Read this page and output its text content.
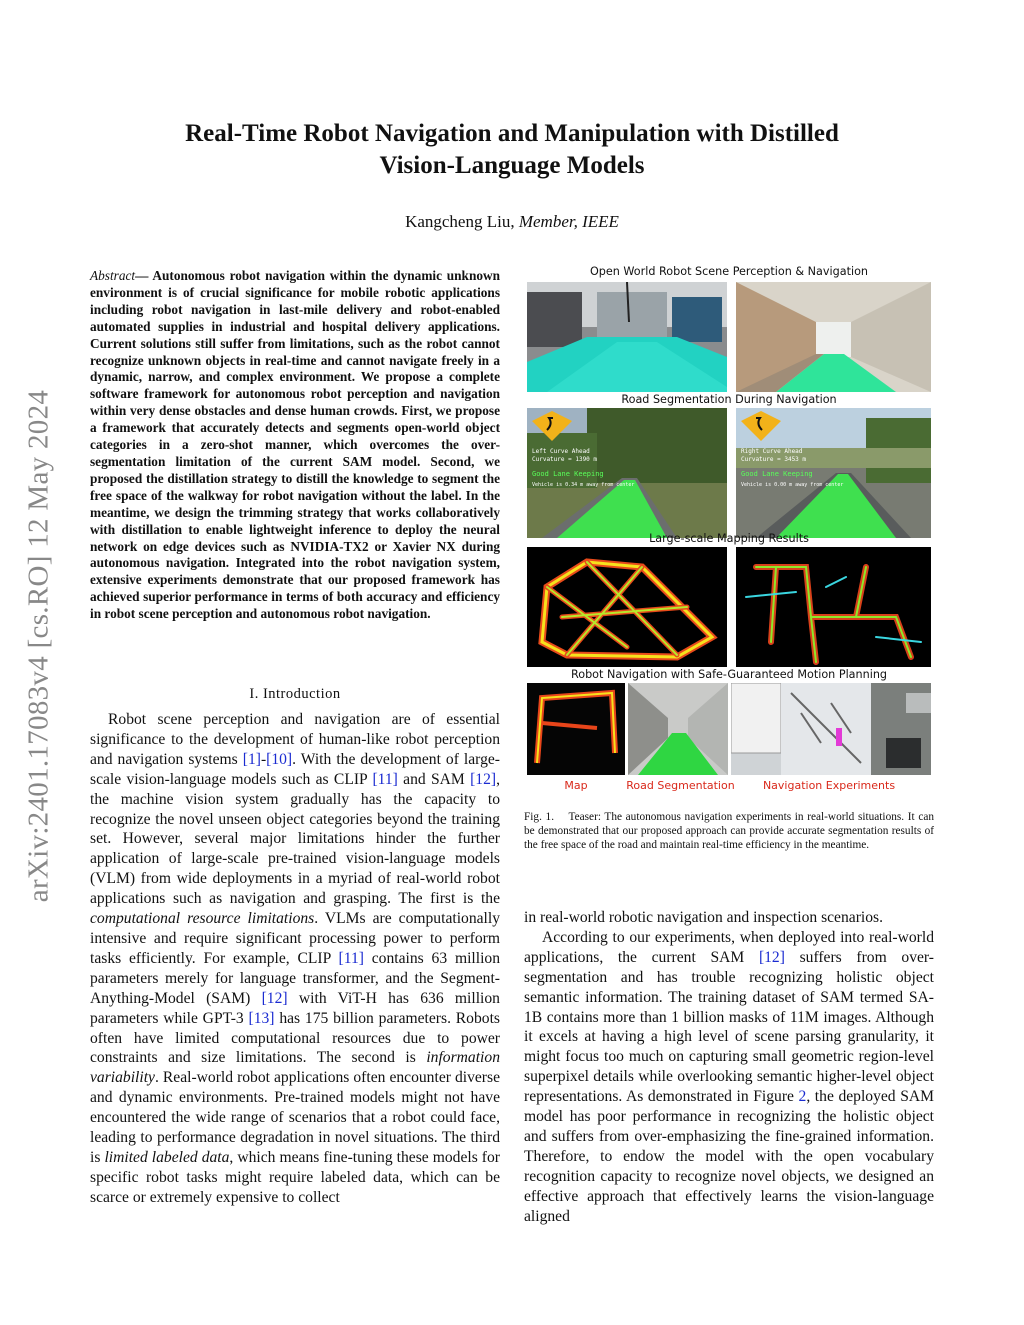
arXiv:2401.17083v4 [cs.RO] 12 May 2024
Real-Time Robot Navigation and Manipulation with Distilled
Vision-Language Models
Kangcheng Liu, Member, IEEE
Abstract— Autonomous robot navigation within the dynamic unknown environment is of crucial significance for mobile robotic applications including robot navigation in last-mile delivery and robot-enabled automated supplies in industrial and hospital delivery applications. Current solutions still suffer from limitations, such as the robot cannot recognize unknown objects in real-time and cannot navigate freely in a dynamic, narrow, and complex environment. We propose a complete software framework for autonomous robot perception and navigation within very dense obstacles and dense human crowds. First, we propose a framework that accurately detects and segments open-world object categories in a zero-shot manner, which overcomes the over-segmentation limitation of the current SAM model. Second, we proposed the distillation strategy to distill the knowledge to segment the free space of the walkway for robot navigation without the label. In the meantime, we design the trimming strategy that works collaboratively with distillation to enable lightweight inference to deploy the neural network on edge devices such as NVIDIA-TX2 or Xavier NX during autonomous navigation. Integrated into the robot navigation system, extensive experiments demonstrate that our proposed framework has achieved superior performance in terms of both accuracy and efficiency in robot scene perception and autonomous robot navigation.
I. Introduction
Robot scene perception and navigation are of essential significance to the development of human-like robot perception and navigation systems [1]-[10]. With the development of large-scale vision-language models such as CLIP [11] and SAM [12], the machine vision system gradually has the capacity to recognize the novel unseen object categories beyond the training set. However, several major limitations hinder the further application of large-scale pre-trained vision-language models (VLM) from wide deployments in a myriad of real-world robot applications such as navigation and grasping. The first is the computational resource limitations. VLMs are computationally intensive and require significant processing power to perform tasks efficiently. For example, CLIP [11] contains 63 million parameters merely for language transformer, and the Segment-Anything-Model (SAM) [12] with ViT-H has 636 million parameters while GPT-3 [13] has 175 billion parameters. Robots often have limited computational resources due to power constraints and size limitations. The second is information variability. Real-world robot applications often encounter diverse and dynamic environments. Pre-trained models might not have encountered the wide range of scenarios that a robot could face, leading to performance degradation in novel situations. The third is limited labeled data, which means fine-tuning these models for specific robot tasks might require labeled data, which can be scarce or extremely expensive to collect
Open World Robot Scene Perception & Navigation
Road Segmentation During Navigation
Left Curve Ahead
Curvature = 1390 m
Good Lane Keeping
Vehicle is 0.34 m away from center
Right Curve Ahead
Curvature = 3453 m
Good Lane Keeping
Vehicle is 0.00 m away from center
Large-scale Mapping Results
Robot Navigation with Safe-Guaranteed Motion Planning
Map	Road Segmentation	Navigation Experiments
Fig. 1. Teaser: The autonomous navigation experiments in real-world situations. It can be demonstrated that our proposed approach can provide accurate segmentation results of the free space of the road and maintain real-time efficiency in the meantime.

in real-world robotic navigation and inspection scenarios.

According to our experiments, when deployed into real-world applications, the current SAM [12] suffers from over-segmentation and has trouble recognizing holistic object semantic information. The training dataset of SAM termed SA-1B contains more than 1 billion masks of 11M images. Although it excels at having a high level of scene parsing granularity, it might focus too much on capturing small geometric region-level superpixel details while overlooking semantic higher-level object representations. As demonstrated in Figure 2, the deployed SAM model has poor performance in recognizing the holistic object and suffers from over-emphasizing the fine-grained information. Therefore, to endow the model with the open vocabulary recognition capacity to recognize novel objects, we designed an effective approach that effectively learns the vision-language aligned
